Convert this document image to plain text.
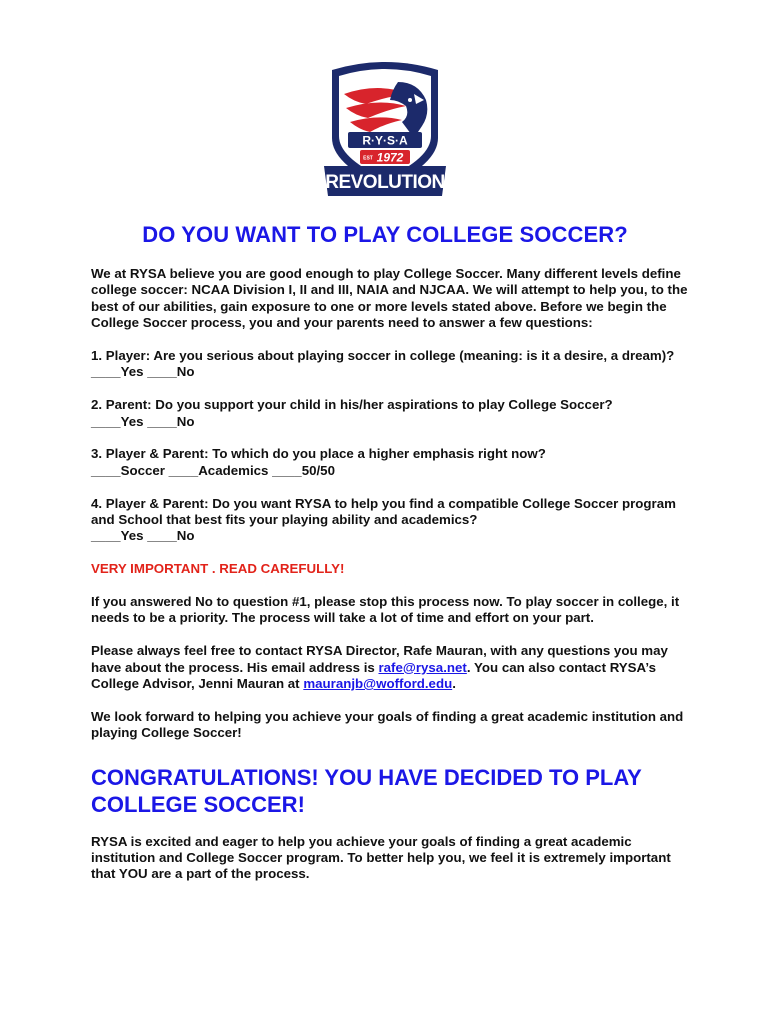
R·Y·S·A
EST 1972
REVOLUTION
DO YOU WANT TO PLAY COLLEGE SOCCER?

We at RYSA believe you are good enough to play College Soccer. Many different levels define college soccer: NCAA Division I, II and III, NAIA and NJCAA. We will attempt to help you, to the best of our abilities, gain exposure to one or more levels stated above. Before we begin the College Soccer process, you and your parents need to answer a few questions:

1. Player: Are you serious about playing soccer in college (meaning: is it a desire, a dream)?
____Yes ____No

2. Parent: Do you support your child in his/her aspirations to play College Soccer?
____Yes ____No

3. Player & Parent: To which do you place a higher emphasis right now?
____Soccer ____Academics ____50/50

4. Player & Parent: Do you want RYSA to help you find a compatible College Soccer program and School that best fits your playing ability and academics?
____Yes ____No

VERY IMPORTANT . READ CAREFULLY!

If you answered No to question #1, please stop this process now. To play soccer in college, it needs to be a priority. The process will take a lot of time and effort on your part.

Please always feel free to contact RYSA Director, Rafe Mauran, with any questions you may have about the process. His email address is rafe@rysa.net. You can also contact RYSA’s College Advisor, Jenni Mauran at mauranjb@wofford.edu.

We look forward to helping you achieve your goals of finding a great academic institution and playing College Soccer!

CONGRATULATIONS! YOU HAVE DECIDED TO PLAY COLLEGE SOCCER!

RYSA is excited and eager to help you achieve your goals of finding a great academic institution and College Soccer program. To better help you, we feel it is extremely important that YOU are a part of the process.
